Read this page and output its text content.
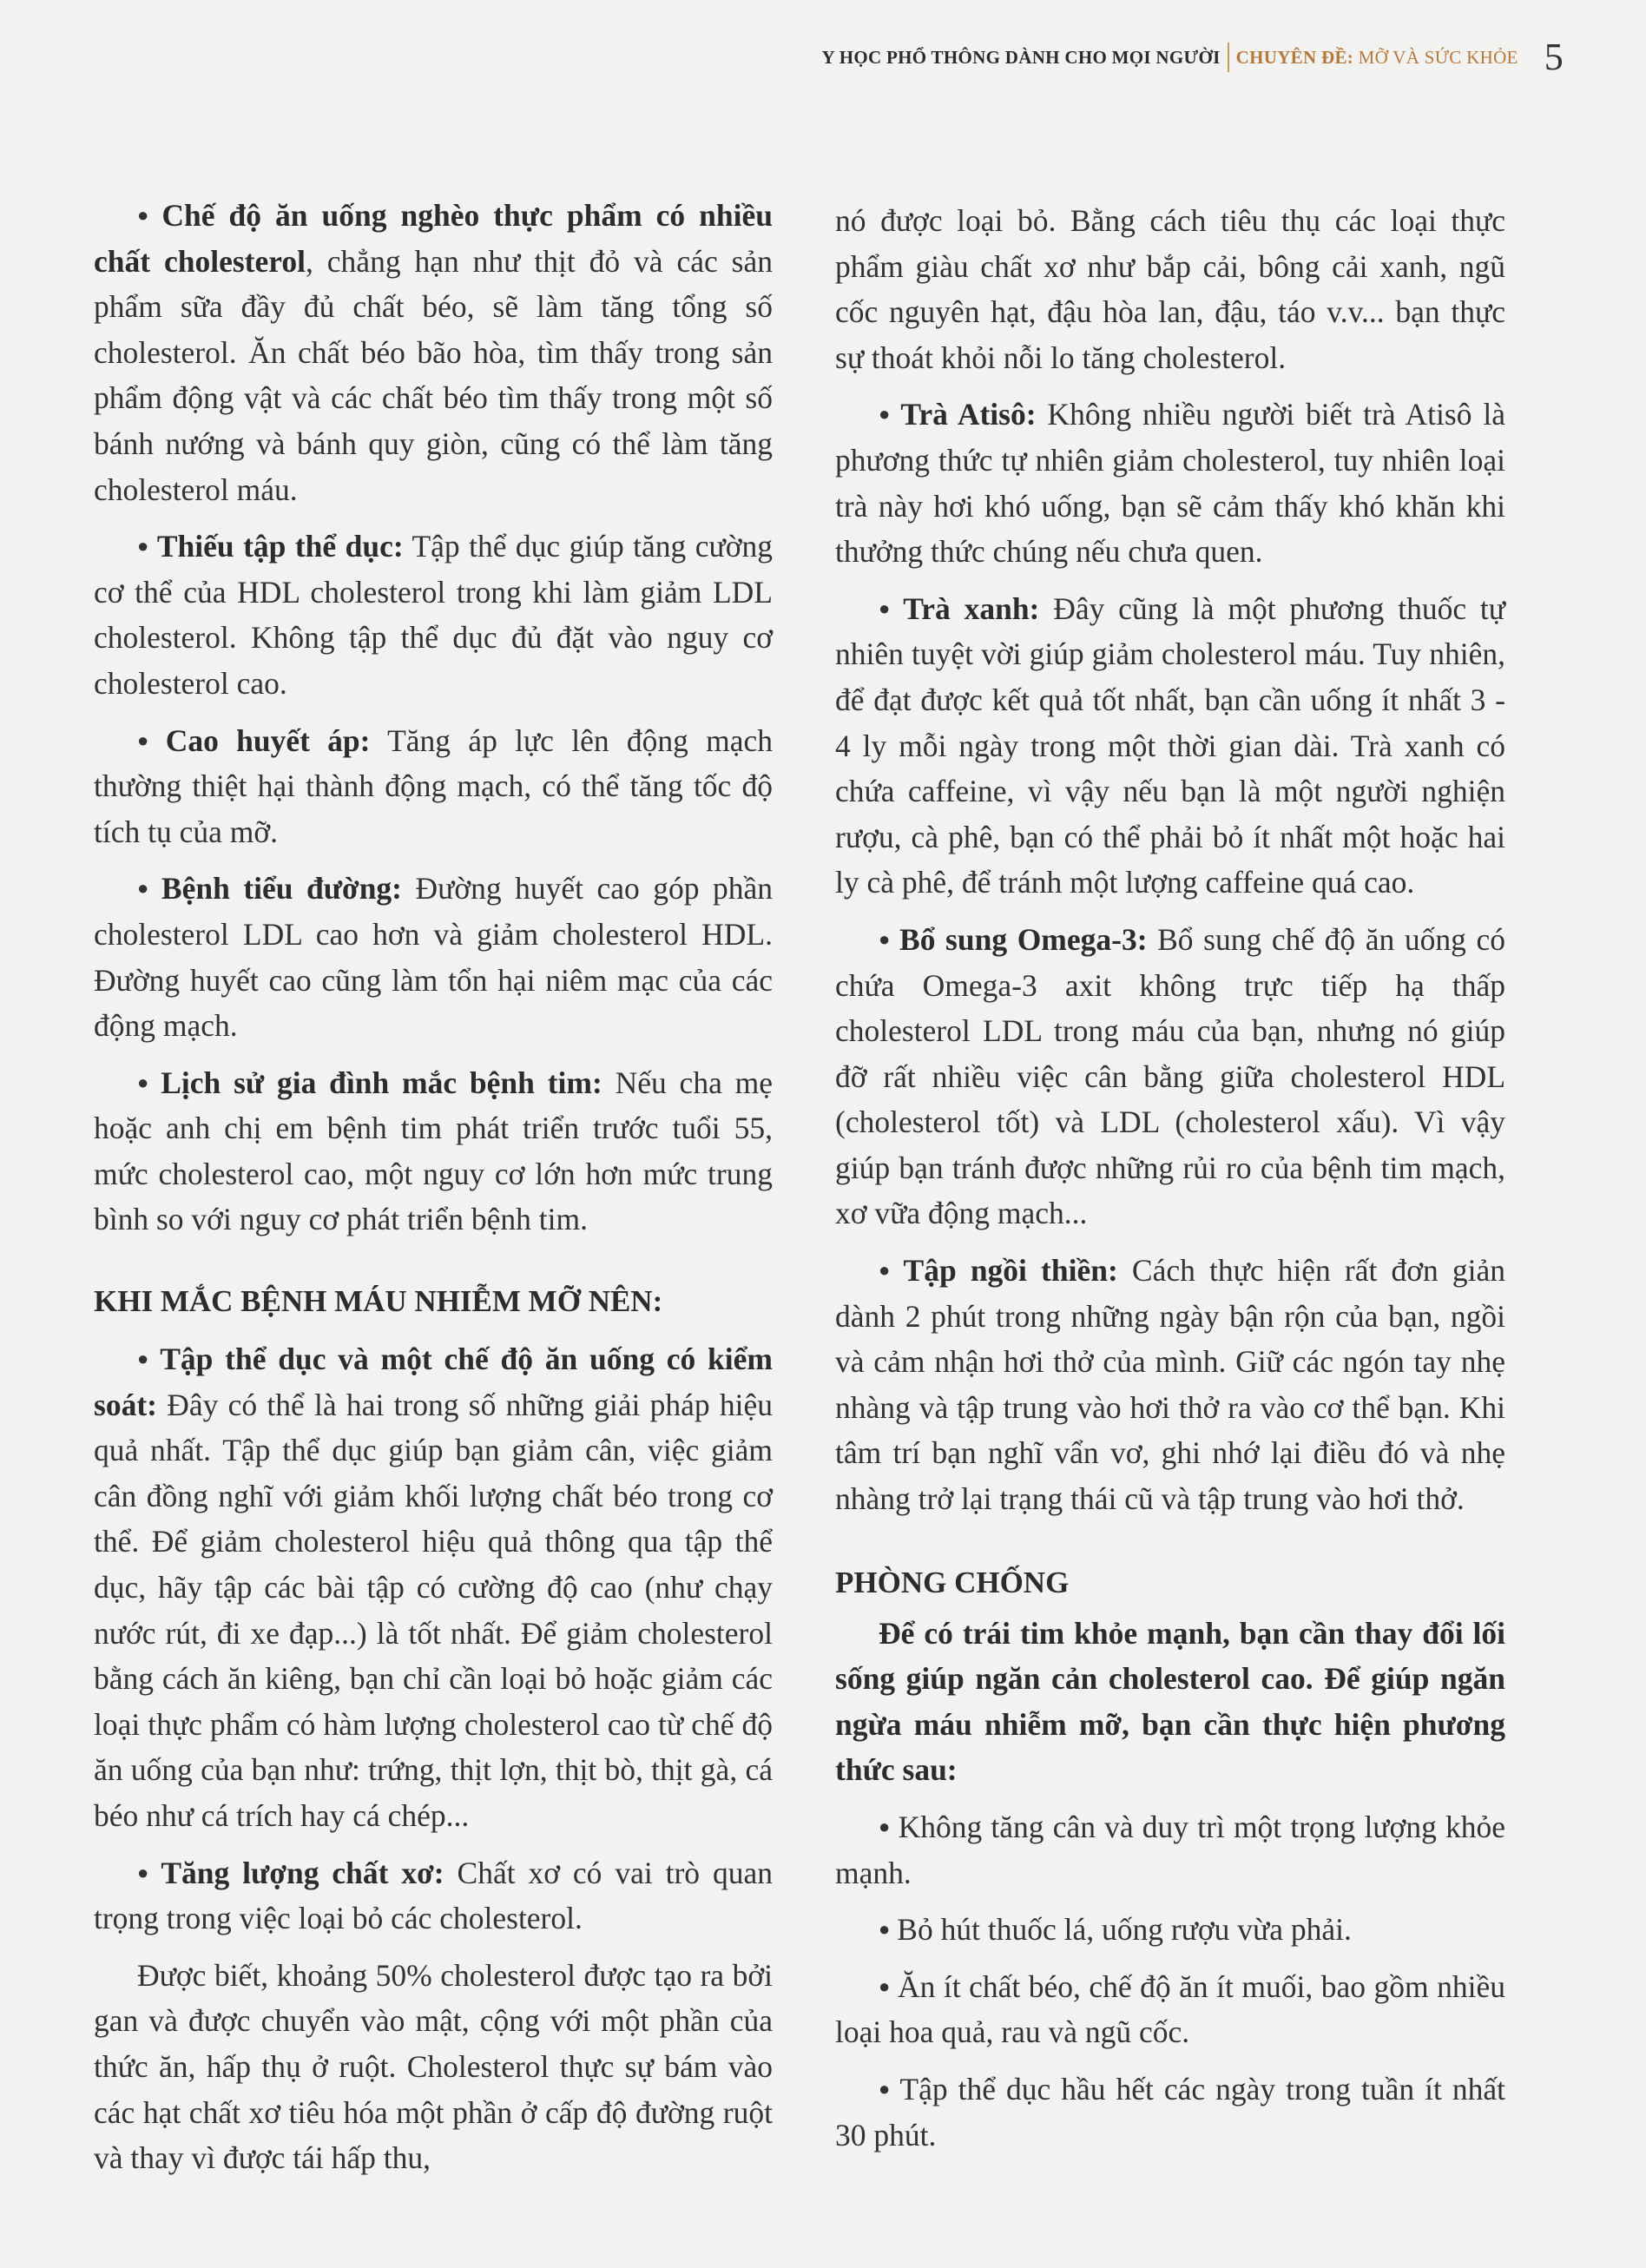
Y HỌC PHỔ THÔNG DÀNH CHO MỌI NGƯỜI CHUYÊN ĐỀ:
MỠ VÀ SỨC KHỎE 5

● Chế độ ăn uống nghèo thực phẩm có nhiều chất cholesterol, chẳng hạn như thịt đỏ và các sản phẩm sữa đầy đủ chất béo, sẽ làm tăng tổng số cholesterol. Ăn chất béo bão hòa, tìm thấy trong sản phẩm động vật và các chất béo tìm thấy trong một số bánh nướng và bánh quy giòn, cũng có thể làm tăng cholesterol máu.

● Thiếu tập thể dục: Tập thể dục giúp tăng cường cơ thể của HDL cholesterol trong khi làm giảm LDL cholesterol. Không tập thể dục đủ đặt vào nguy cơ cholesterol cao.

● Cao huyết áp: Tăng áp lực lên động mạch thường thiệt hại thành động mạch, có thể tăng tốc độ tích tụ của mỡ.

● Bệnh tiểu đường: Đường huyết cao góp phần cholesterol LDL cao hơn và giảm cholesterol HDL. Đường huyết cao cũng làm tổn hại niêm mạc của các động mạch.

● Lịch sử gia đình mắc bệnh tim: Nếu cha mẹ hoặc anh chị em bệnh tim phát triển trước tuổi 55, mức cholesterol cao, một nguy cơ lớn hơn mức trung bình so với nguy cơ phát triển bệnh tim.

KHI MẮC BỆNH MÁU NHIỄM MỠ NÊN:

● Tập thể dục và một chế độ ăn uống có kiểm soát: Đây có thể là hai trong số những giải pháp hiệu quả nhất. Tập thể dục giúp bạn giảm cân, việc giảm cân đồng nghĩ với giảm khối lượng chất béo trong cơ thể. Để giảm cholesterol hiệu quả thông qua tập thể dục, hãy tập các bài tập có cường độ cao (như chạy nước rút, đi xe đạp...) là tốt nhất. Để giảm cholesterol bằng cách ăn kiêng, bạn chỉ cần loại bỏ hoặc giảm các loại thực phẩm có hàm lượng cholesterol cao từ chế độ ăn uống của bạn như: trứng, thịt lợn, thịt bò, thịt gà, cá béo như cá trích hay cá chép...

● Tăng lượng chất xơ: Chất xơ có vai trò quan trọng trong việc loại bỏ các cholesterol.

Được biết, khoảng 50% cholesterol được tạo ra bởi gan và được chuyển vào mật, cộng với một phần của thức ăn, hấp thụ ở ruột. Cholesterol thực sự bám vào các hạt chất xơ tiêu hóa một phần ở cấp độ đường ruột và thay vì được tái hấp thu,

nó được loại bỏ. Bằng cách tiêu thụ các loại thực phẩm giàu chất xơ như bắp cải, bông cải xanh, ngũ cốc nguyên hạt, đậu hòa lan, đậu, táo v.v... bạn thực sự thoát khỏi nỗi lo tăng cholesterol.

● Trà Atisô: Không nhiều người biết trà Atisô là phương thức tự nhiên giảm cholesterol, tuy nhiên loại trà này hơi khó uống, bạn sẽ cảm thấy khó khăn khi thưởng thức chúng nếu chưa quen.

● Trà xanh: Đây cũng là một phương thuốc tự nhiên tuyệt vời giúp giảm cholesterol máu. Tuy nhiên, để đạt được kết quả tốt nhất, bạn cần uống ít nhất 3 - 4 ly mỗi ngày trong một thời gian dài. Trà xanh có chứa caffeine, vì vậy nếu bạn là một người nghiện rượu, cà phê, bạn có thể phải bỏ ít nhất một hoặc hai ly cà phê, để tránh một lượng caffeine quá cao.

● Bổ sung Omega-3: Bổ sung chế độ ăn uống có chứa Omega-3 axit không trực tiếp hạ thấp cholesterol LDL trong máu của bạn, nhưng nó giúp đỡ rất nhiều việc cân bằng giữa cholesterol HDL (cholesterol tốt) và LDL (cholesterol xấu). Vì vậy giúp bạn tránh được những rủi ro của bệnh tim mạch, xơ vữa động mạch...

● Tập ngồi thiền: Cách thực hiện rất đơn giản dành 2 phút trong những ngày bận rộn của bạn, ngồi và cảm nhận hơi thở của mình. Giữ các ngón tay nhẹ nhàng và tập trung vào hơi thở ra vào cơ thể bạn. Khi tâm trí bạn nghĩ vẩn vơ, ghi nhớ lại điều đó và nhẹ nhàng trở lại trạng thái cũ và tập trung vào hơi thở.

PHÒNG CHỐNG

Để có trái tim khỏe mạnh, bạn cần thay đổi lối sống giúp ngăn cản cholesterol cao. Để giúp ngăn ngừa máu nhiễm mỡ, bạn cần thực hiện phương thức sau:

● Không tăng cân và duy trì một trọng lượng khỏe mạnh.

● Bỏ hút thuốc lá, uống rượu vừa phải.

● Ăn ít chất béo, chế độ ăn ít muối, bao gồm nhiều loại hoa quả, rau và ngũ cốc.

● Tập thể dục hầu hết các ngày trong tuần ít nhất 30 phút.
